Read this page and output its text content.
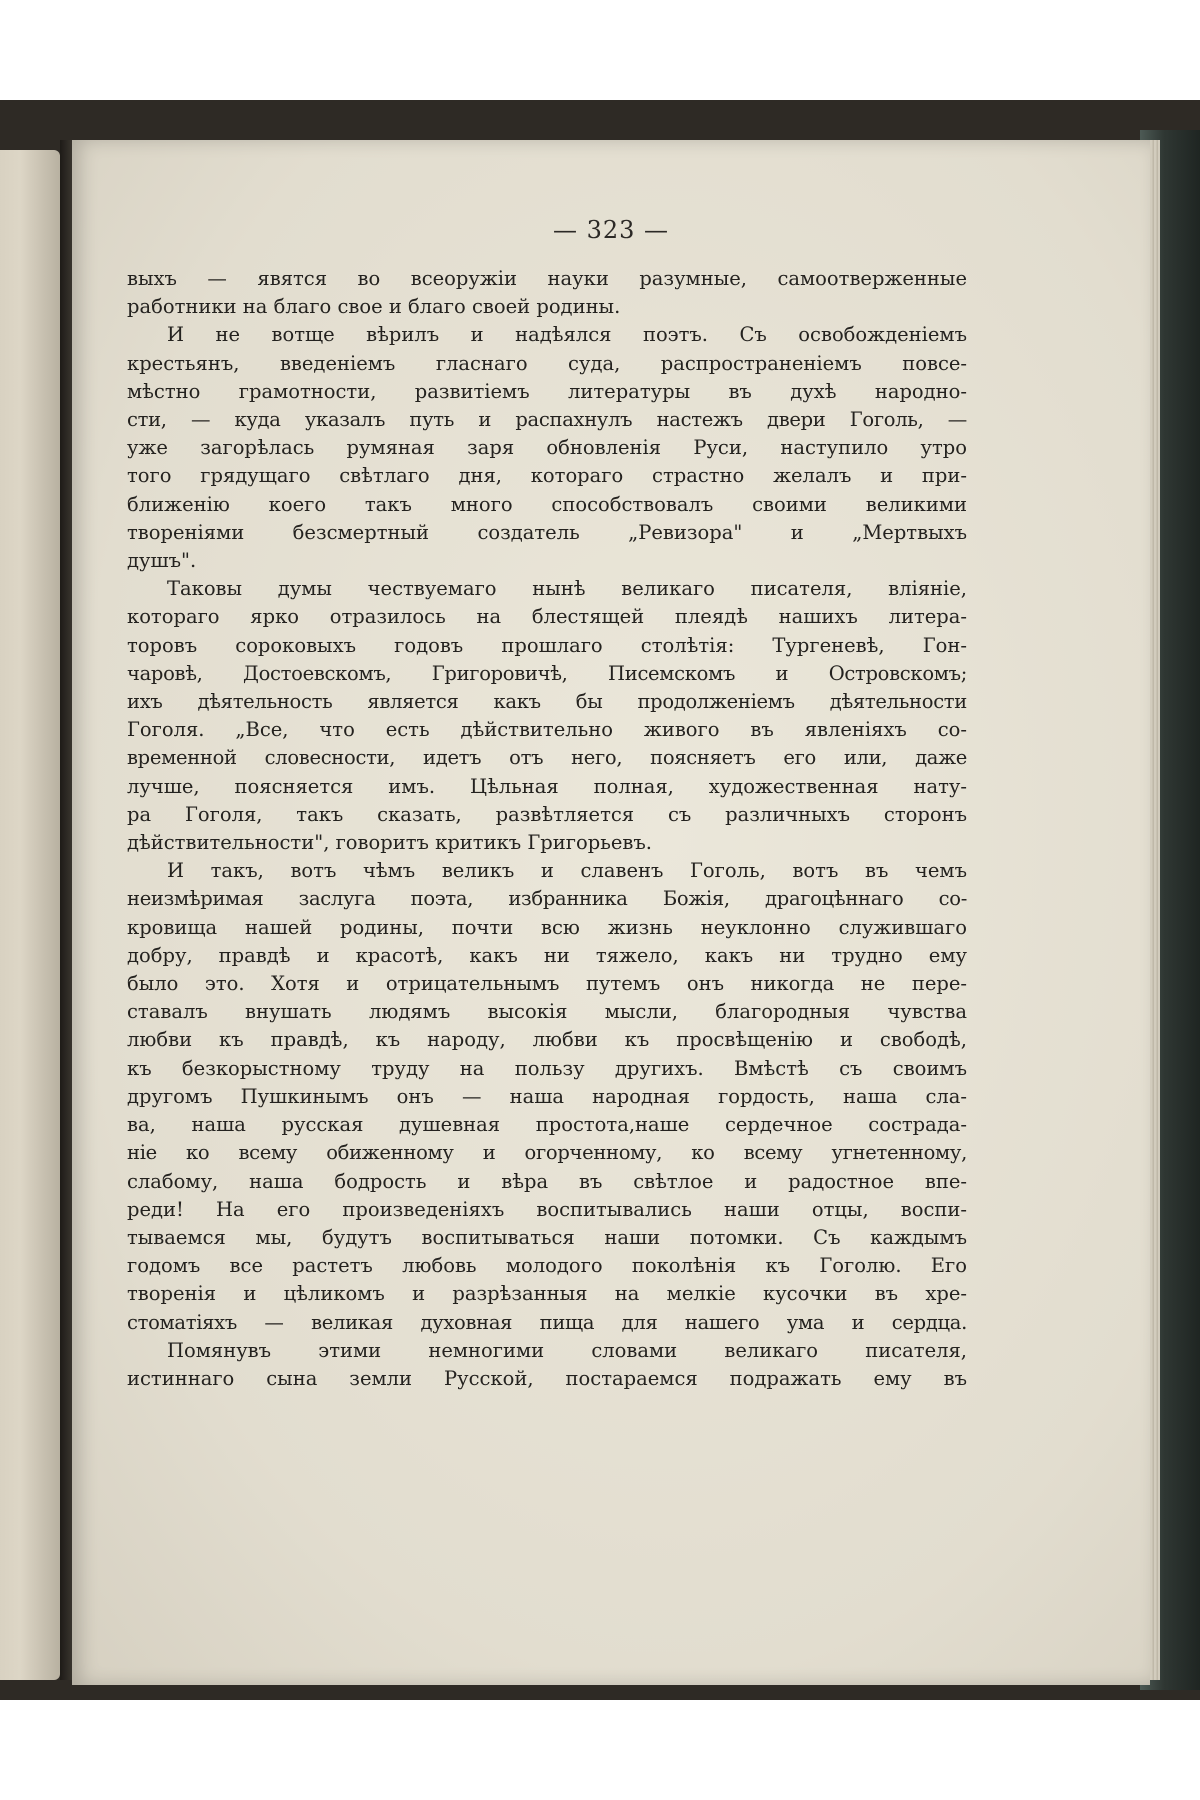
— 323 —
выхъ — явятся во всеоружіи науки разумные, самоотверженные
работники на благо свое и благо своей родины.
И не вотще вѣрилъ и надѣялся поэтъ. Съ освобожденіемъ
крестьянъ, введеніемъ гласнаго суда, распространеніемъ повсе-
мѣстно грамотности, развитіемъ литературы въ духѣ народно-
сти, — куда указалъ путь и распахнулъ настежъ двери Гоголь, —
уже загорѣлась румяная заря обновленія Руси, наступило утро
того грядущаго свѣтлаго дня, котораго страстно желалъ и при-
ближенію коего такъ много способствовалъ своими великими
твореніями безсмертный создатель „Ревизора" и „Мертвыхъ
душъ".
Таковы думы чествуемаго нынѣ великаго писателя, вліяніе,
котораго ярко отразилось на блестящей плеядѣ нашихъ литера-
торовъ сороковыхъ годовъ прошлаго столѣтія: Тургеневѣ, Гон-
чаровѣ, Достоевскомъ, Григоровичѣ, Писемскомъ и Островскомъ;
ихъ дѣятельность является какъ бы продолженіемъ дѣятельности
Гоголя. „Все, что есть дѣйствительно живого въ явленіяхъ со-
временной словесности, идетъ отъ него, поясняетъ его или, даже
лучше, поясняется имъ. Цѣльная полная, художественная нату-
ра Гоголя, такъ сказать, развѣтляется съ различныхъ сторонъ
дѣйствительности", говоритъ критикъ Григорьевъ.
И такъ, вотъ чѣмъ великъ и славенъ Гоголь, вотъ въ чемъ
неизмѣримая заслуга поэта, избранника Божія, драгоцѣннаго со-
кровища нашей родины, почти всю жизнь неуклонно служившаго
добру, правдѣ и красотѣ, какъ ни тяжело, какъ ни трудно ему
было это. Хотя и отрицательнымъ путемъ онъ никогда не пере-
ставалъ внушать людямъ высокія мысли, благородныя чувства
любви къ правдѣ, къ народу, любви къ просвѣщенію и свободѣ,
къ безкорыстному труду на пользу другихъ. Вмѣстѣ съ своимъ
другомъ Пушкинымъ онъ — наша народная гордость, наша сла-
ва, наша русская душевная простота,наше сердечное сострада-
ніе ко всему обиженному и огорченному, ко всему угнетенному,
слабому, наша бодрость и вѣра въ свѣтлое и радостное впе-
реди! На его произведеніяхъ воспитывались наши отцы, воспи-
тываемся мы, будутъ воспитываться наши потомки. Съ каждымъ
годомъ все растетъ любовь молодого поколѣнія къ Гоголю. Его
творенія и цѣликомъ и разрѣзанныя на мелкіе кусочки въ хре-
стоматіяхъ — великая духовная пища для нашего ума и сердца.
Помянувъ этими немногими словами великаго писателя,
истиннаго сына земли Русской, постараемся подражать ему въ
